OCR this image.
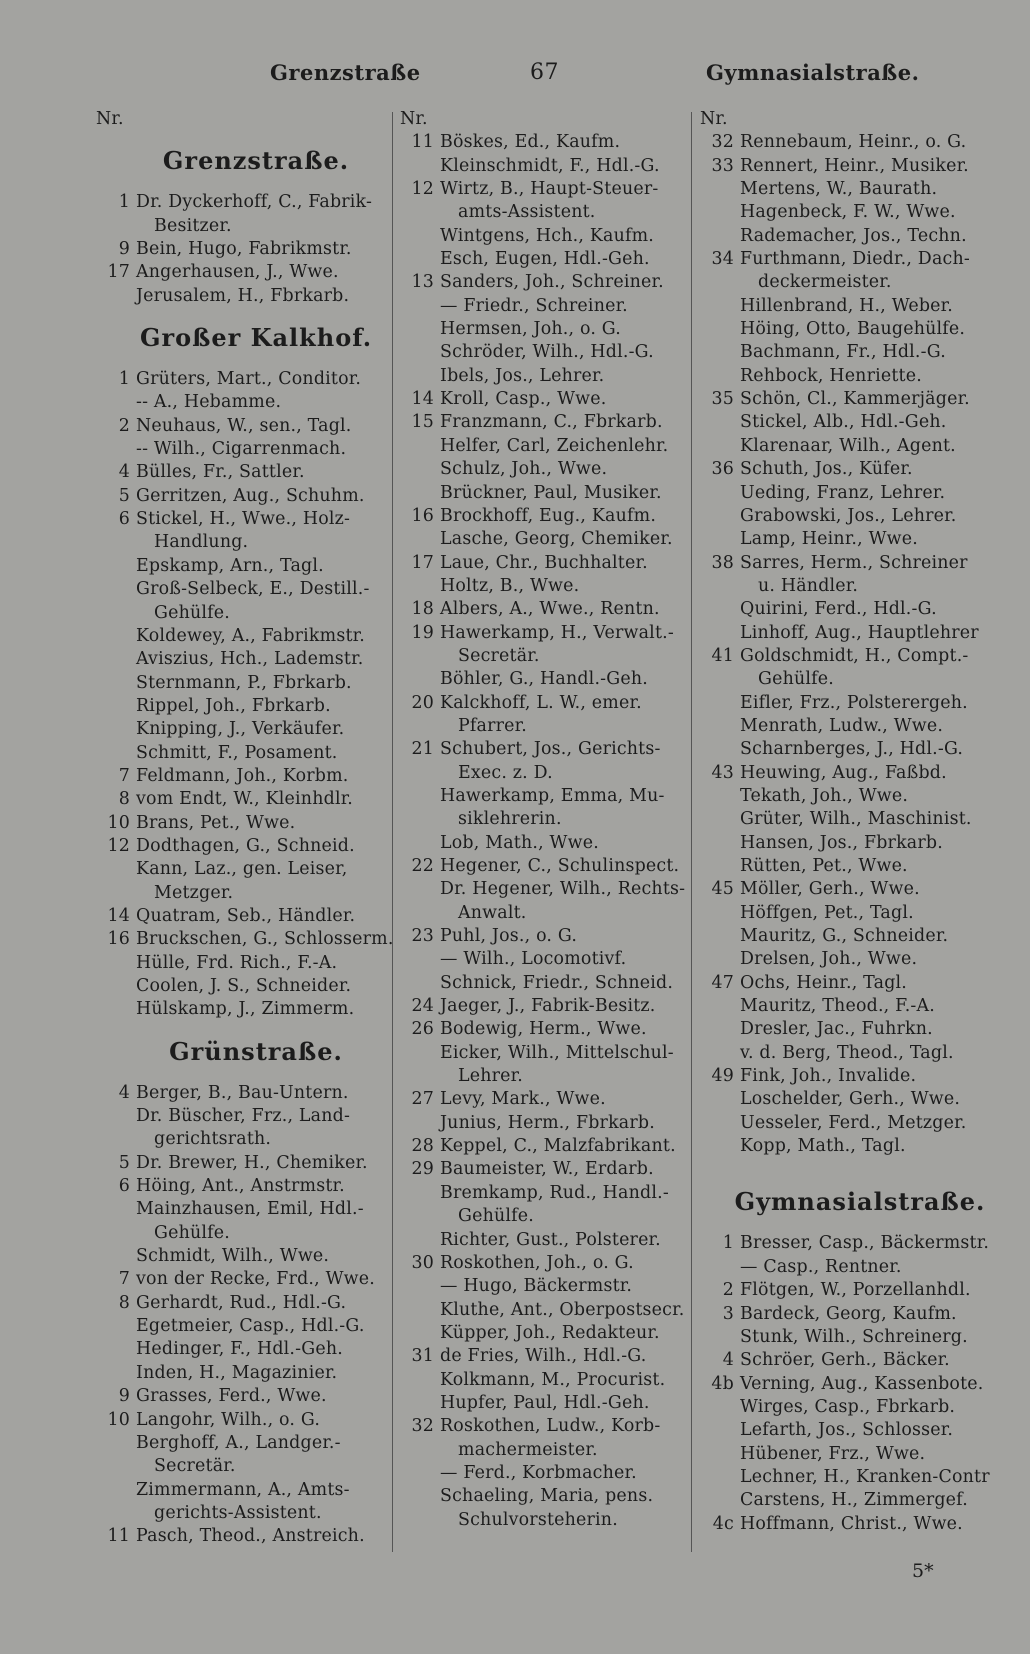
Grenzstraße	67	Gymnasialstraße.
Nr.
Grenzstraße.
1 Dr. Dyckerhoff, C., Fabrik-
Besitzer.
9 Bein, Hugo, Fabrikmstr.
17 Angerhausen, J., Wwe.
Jerusalem, H., Fbrkarb.
Großer Kalkhof.
1 Grüters, Mart., Conditor.
-- A., Hebamme.
2 Neuhaus, W., sen., Tagl.
-- Wilh., Cigarrenmach.
4 Bülles, Fr., Sattler.
5 Gerritzen, Aug., Schuhm.
6 Stickel, H., Wwe., Holz-
Handlung.
Epskamp, Arn., Tagl.
Groß-Selbeck, E., Destill.-
Gehülfe.
Koldewey, A., Fabrikmstr.
Aviszius, Hch., Lademstr.
Sternmann, P., Fbrkarb.
Rippel, Joh., Fbrkarb.
Knipping, J., Verkäufer.
Schmitt, F., Posament.
7 Feldmann, Joh., Korbm.
8 vom Endt, W., Kleinhdlr.
10 Brans, Pet., Wwe.
12 Dodthagen, G., Schneid.
Kann, Laz., gen. Leiser,
Metzger.
14 Quatram, Seb., Händler.
16 Bruckschen, G., Schlosserm.
Hülle, Frd. Rich., F.-A.
Coolen, J. S., Schneider.
Hülskamp, J., Zimmerm.
Grünstraße.
4 Berger, B., Bau-Untern.
Dr. Büscher, Frz., Land-
gerichtsrath.
5 Dr. Brewer, H., Chemiker.
6 Höing, Ant., Anstrmstr.
Mainzhausen, Emil, Hdl.-
Gehülfe.
Schmidt, Wilh., Wwe.
7 von der Recke, Frd., Wwe.
8 Gerhardt, Rud., Hdl.-G.
Egetmeier, Casp., Hdl.-G.
Hedinger, F., Hdl.-Geh.
Inden, H., Magazinier.
9 Grasses, Ferd., Wwe.
10 Langohr, Wilh., o. G.
Berghoff, A., Landger.-
Secretär.
Zimmermann, A., Amts-
gerichts-Assistent.
11 Pasch, Theod., Anstreich.
Nr.
11 Böskes, Ed., Kaufm.
Kleinschmidt, F., Hdl.-G.
12 Wirtz, B., Haupt-Steuer-
amts-Assistent.
Wintgens, Hch., Kaufm.
Esch, Eugen, Hdl.-Geh.
13 Sanders, Joh., Schreiner.
— Friedr., Schreiner.
Hermsen, Joh., o. G.
Schröder, Wilh., Hdl.-G.
Ibels, Jos., Lehrer.
14 Kroll, Casp., Wwe.
15 Franzmann, C., Fbrkarb.
Helfer, Carl, Zeichenlehr.
Schulz, Joh., Wwe.
Brückner, Paul, Musiker.
16 Brockhoff, Eug., Kaufm.
Lasche, Georg, Chemiker.
17 Laue, Chr., Buchhalter.
Holtz, B., Wwe.
18 Albers, A., Wwe., Rentn.
19 Hawerkamp, H., Verwalt.-
Secretär.
Böhler, G., Handl.-Geh.
20 Kalckhoff, L. W., emer.
Pfarrer.
21 Schubert, Jos., Gerichts-
Exec. z. D.
Hawerkamp, Emma, Mu-
siklehrerin.
Lob, Math., Wwe.
22 Hegener, C., Schulinspect.
Dr. Hegener, Wilh., Rechts-
Anwalt.
23 Puhl, Jos., o. G.
— Wilh., Locomotivf.
Schnick, Friedr., Schneid.
24 Jaeger, J., Fabrik-Besitz.
26 Bodewig, Herm., Wwe.
Eicker, Wilh., Mittelschul-
Lehrer.
27 Levy, Mark., Wwe.
Junius, Herm., Fbrkarb.
28 Keppel, C., Malzfabrikant.
29 Baumeister, W., Erdarb.
Bremkamp, Rud., Handl.-
Gehülfe.
Richter, Gust., Polsterer.
30 Roskothen, Joh., o. G.
— Hugo, Bäckermstr.
Kluthe, Ant., Oberpostsecr.
Küpper, Joh., Redakteur.
31 de Fries, Wilh., Hdl.-G.
Kolkmann, M., Procurist.
Hupfer, Paul, Hdl.-Geh.
32 Roskothen, Ludw., Korb-
machermeister.
— Ferd., Korbmacher.
Schaeling, Maria, pens.
Schulvorsteherin.
Nr.
32 Rennebaum, Heinr., o. G.
33 Rennert, Heinr., Musiker.
Mertens, W., Baurath.
Hagenbeck, F. W., Wwe.
Rademacher, Jos., Techn.
34 Furthmann, Diedr., Dach-
deckermeister.
Hillenbrand, H., Weber.
Höing, Otto, Baugehülfe.
Bachmann, Fr., Hdl.-G.
Rehbock, Henriette.
35 Schön, Cl., Kammerjäger.
Stickel, Alb., Hdl.-Geh.
Klarenaar, Wilh., Agent.
36 Schuth, Jos., Küfer.
Ueding, Franz, Lehrer.
Grabowski, Jos., Lehrer.
Lamp, Heinr., Wwe.
38 Sarres, Herm., Schreiner
u. Händler.
Quirini, Ferd., Hdl.-G.
Linhoff, Aug., Hauptlehrer
41 Goldschmidt, H., Compt.-
Gehülfe.
Eifler, Frz., Polsterergeh.
Menrath, Ludw., Wwe.
Scharnberges, J., Hdl.-G.
43 Heuwing, Aug., Faßbd.
Tekath, Joh., Wwe.
Grüter, Wilh., Maschinist.
Hansen, Jos., Fbrkarb.
Rütten, Pet., Wwe.
45 Möller, Gerh., Wwe.
Höffgen, Pet., Tagl.
Mauritz, G., Schneider.
Drelsen, Joh., Wwe.
47 Ochs, Heinr., Tagl.
Mauritz, Theod., F.-A.
Dresler, Jac., Fuhrkn.
v. d. Berg, Theod., Tagl.
49 Fink, Joh., Invalide.
Loschelder, Gerh., Wwe.
Uesseler, Ferd., Metzger.
Kopp, Math., Tagl.
Gymnasialstraße.
1 Bresser, Casp., Bäckermstr.
— Casp., Rentner.
2 Flötgen, W., Porzellanhdl.
3 Bardeck, Georg, Kaufm.
Stunk, Wilh., Schreinerg.
4 Schröer, Gerh., Bäcker.
4b Verning, Aug., Kassenbote.
Wirges, Casp., Fbrkarb.
Lefarth, Jos., Schlosser.
Hübener, Frz., Wwe.
Lechner, H., Kranken-Contr
Carstens, H., Zimmergef.
4c Hoffmann, Christ., Wwe.
5*
